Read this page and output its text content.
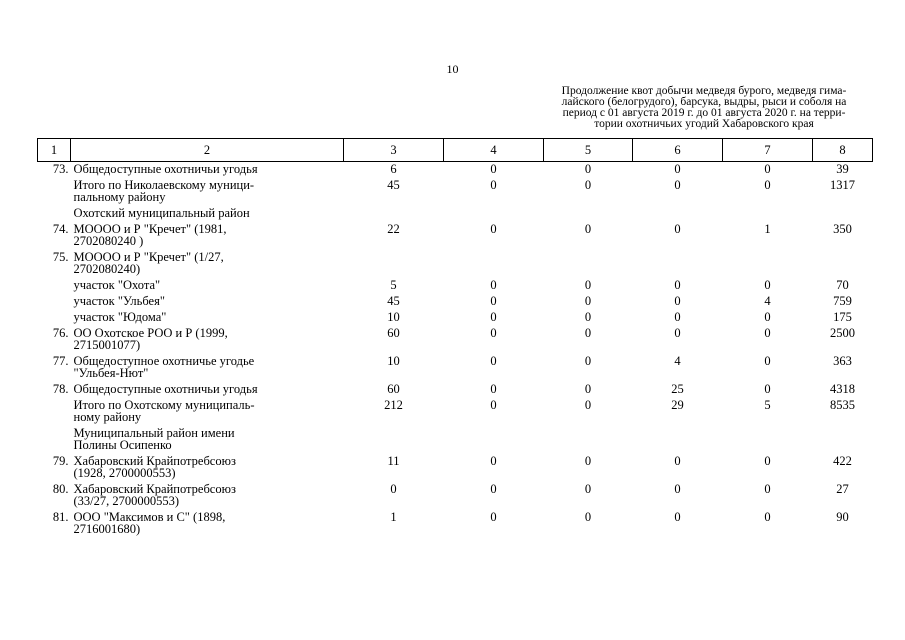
10
Продолжение квот добычи медведя бурого, медведя гима-
лайского (белогрудого), барсука, выдры, рыси и соболя на
период с 01 августа 2019 г. до 01 августа 2020 г. на терри-
тории охотничьих угодий Хабаровского края
1	2	3	4	5	6	7	8
73.	Общедоступные охотничьи угодья	6	0	0	0	0	39
	Итого по Николаевскому муници-
пальному району	45	0	0	0	0	1317
	Охотский муниципальный район						
74.	МОООО и Р "Кречет" (1981,
2702080240 )	22	0	0	0	1	350
75.	МОООО и Р "Кречет" (1/27,
2702080240)						
	участок "Охота"	5	0	0	0	0	70
	участок "Ульбея"	45	0	0	0	4	759
	участок "Юдома"	10	0	0	0	0	175
76.	ОО Охотское РОО и Р (1999,
2715001077)	60	0	0	0	0	2500
77.	Общедоступное охотничье угодье
"Ульбея-Нют"	10	0	0	4	0	363
78.	Общедоступные охотничьи угодья	60	0	0	25	0	4318
	Итого по Охотскому муниципаль-
ному району	212	0	0	29	5	8535
	Муниципальный район имени
Полины Осипенко						
79.	Хабаровский Крайпотребсоюз
(1928, 2700000553)	11	0	0	0	0	422
80.	Хабаровский Крайпотребсоюз
(33/27, 2700000553)	0	0	0	0	0	27
81.	ООО "Максимов и С" (1898,
2716001680)	1	0	0	0	0	90
